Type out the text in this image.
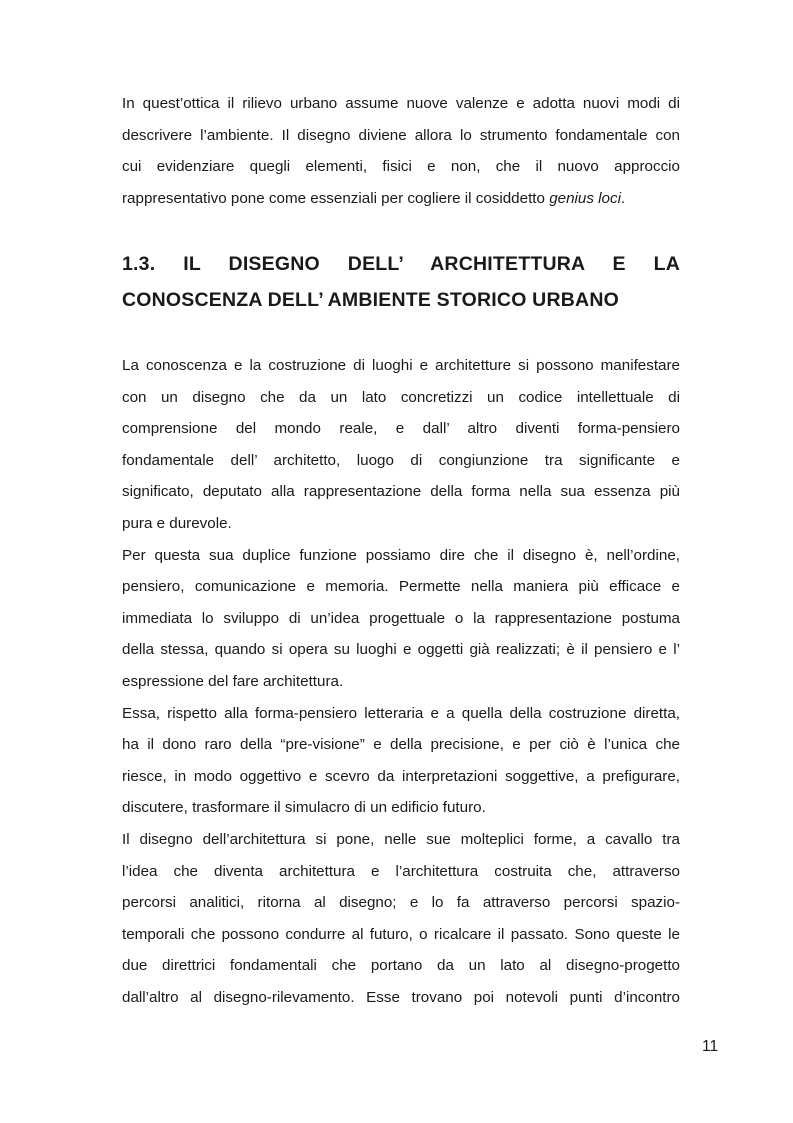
In quest’ottica il rilievo urbano assume nuove valenze e adotta nuovi modi di

descrivere l’ambiente. Il disegno diviene allora lo strumento fondamentale con

cui evidenziare quegli elementi, fisici e non, che il nuovo approccio

rappresentativo pone come essenziali per cogliere il cosiddetto genius loci.

1.3. IL DISEGNO DELL’ ARCHITETTURA E LA
CONOSCENZA DELL’ AMBIENTE STORICO URBANO

La conoscenza e la costruzione di luoghi e architetture si possono manifestare

con un disegno che da un lato concretizzi un codice intellettuale di

comprensione del mondo reale, e dall’ altro diventi forma-pensiero

fondamentale dell’ architetto, luogo di congiunzione tra significante e

significato, deputato alla rappresentazione della forma nella sua essenza più

pura e durevole.

Per questa sua duplice funzione possiamo dire che il disegno è, nell’ordine,

pensiero, comunicazione e memoria. Permette nella maniera più efficace e

immediata lo sviluppo di un’idea progettuale o la rappresentazione postuma

della stessa, quando si opera su luoghi e oggetti già realizzati; è il pensiero e l’

espressione del fare architettura.

Essa, rispetto alla forma-pensiero letteraria e a quella della costruzione diretta,

ha il dono raro della “pre-visione” e della precisione, e per ciò è l’unica che

riesce, in modo oggettivo e scevro da interpretazioni soggettive, a prefigurare,

discutere, trasformare il simulacro di un edificio futuro.

Il disegno dell’architettura si pone, nelle sue molteplici forme, a cavallo tra

l’idea che diventa architettura e l’architettura costruita che, attraverso

percorsi analitici, ritorna al disegno; e lo fa attraverso percorsi spazio-

temporali che possono condurre al futuro, o ricalcare il passato. Sono queste le

due direttrici fondamentali che portano da un lato al disegno-progetto

dall’altro al disegno-rilevamento. Esse trovano poi notevoli punti d’incontro

11
